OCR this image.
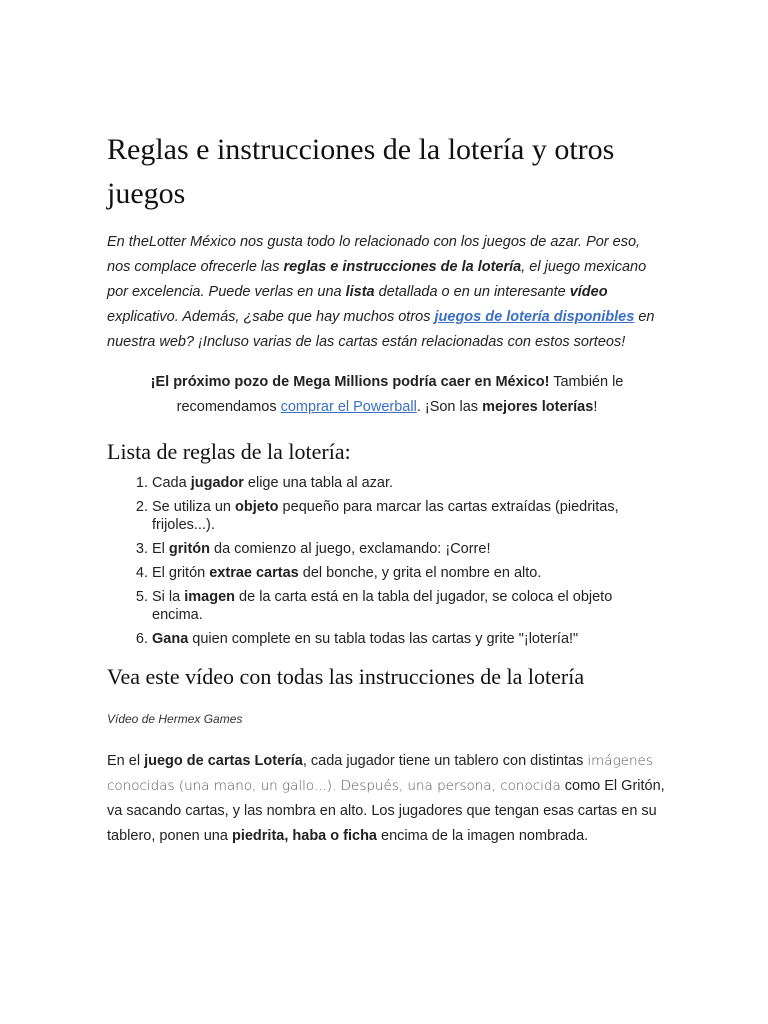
Reglas e instrucciones de la lotería y otros juegos

En theLotter México nos gusta todo lo relacionado con los juegos de azar. Por eso, nos complace ofrecerle las reglas e instrucciones de la lotería, el juego mexicano por excelencia. Puede verlas en una lista detallada o en un interesante vídeo explicativo. Además, ¿sabe que hay muchos otros juegos de lotería disponibles en nuestra web? ¡Incluso varias de las cartas están relacionadas con estos sorteos!

¡El próximo pozo de Mega Millions podría caer en México! También le recomendamos comprar el Powerball. ¡Son las mejores loterías!

Lista de reglas de la lotería:
1. Cada jugador elige una tabla al azar.
2. Se utiliza un objeto pequeño para marcar las cartas extraídas (piedritas, frijoles...).
3. El gritón da comienzo al juego, exclamando: ¡Corre!
4. El gritón extrae cartas del bonche, y grita el nombre en alto.
5. Si la imagen de la carta está en la tabla del jugador, se coloca el objeto encima.
6. Gana quien complete en su tabla todas las cartas y grite "¡lotería!"
Vea este vídeo con todas las instrucciones de la lotería

Vídeo de Hermex Games

En el juego de cartas Lotería, cada jugador tiene un tablero con distintas imágenes conocidas (una mano, un gallo...). Después, una persona, conocida como El Gritón, va sacando cartas, y las nombra en alto. Los jugadores que tengan esas cartas en su tablero, ponen una piedrita, haba o ficha encima de la imagen nombrada.
